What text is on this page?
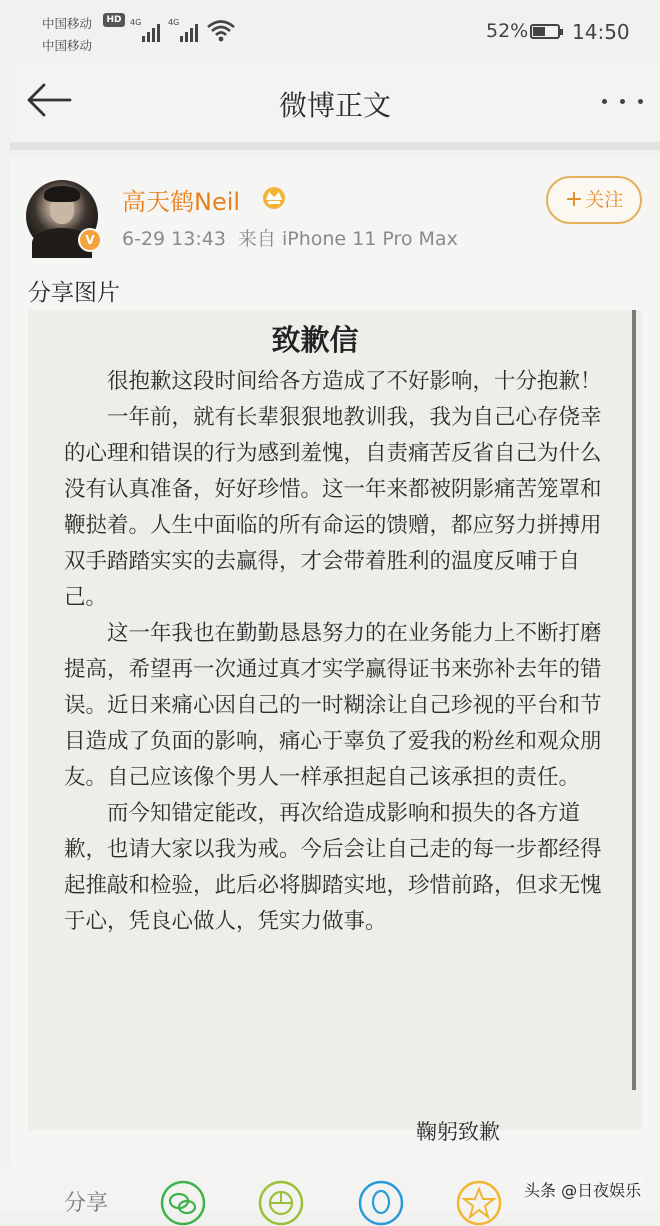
中国移动
中国移动
HD	4G	4G	52% 14:50
微博正文
V
高天鹤Neil
6-29 13:43 来自 iPhone 11 Pro Max
+ 关注
分享图片
致歉信

很抱歉这段时间给各方造成了不好影响，十分抱歉！

一年前，就有长辈狠狠地教训我，我为自己心存侥幸的心理和错误的行为感到羞愧，自责痛苦反省自己为什么没有认真准备，好好珍惜。这一年来都被阴影痛苦笼罩和鞭挞着。人生中面临的所有命运的馈赠，都应努力拼搏用双手踏踏实实的去赢得，才会带着胜利的温度反哺于自己。

这一年我也在勤勤恳恳努力的在业务能力上不断打磨提高，希望再一次通过真才实学赢得证书来弥补去年的错误。近日来痛心因自己的一时糊涂让自己珍视的平台和节目造成了负面的影响，痛心于辜负了爱我的粉丝和观众朋友。自己应该像个男人一样承担起自己该承担的责任。

而今知错定能改，再次给造成影响和损失的各方道歉，也请大家以我为戒。今后会让自己走的每一步都经得起推敲和检验，此后必将脚踏实地，珍惜前路，但求无愧于心，凭良心做人，凭实力做事。

鞠躬致歉
分享
头条 @日夜娱乐
